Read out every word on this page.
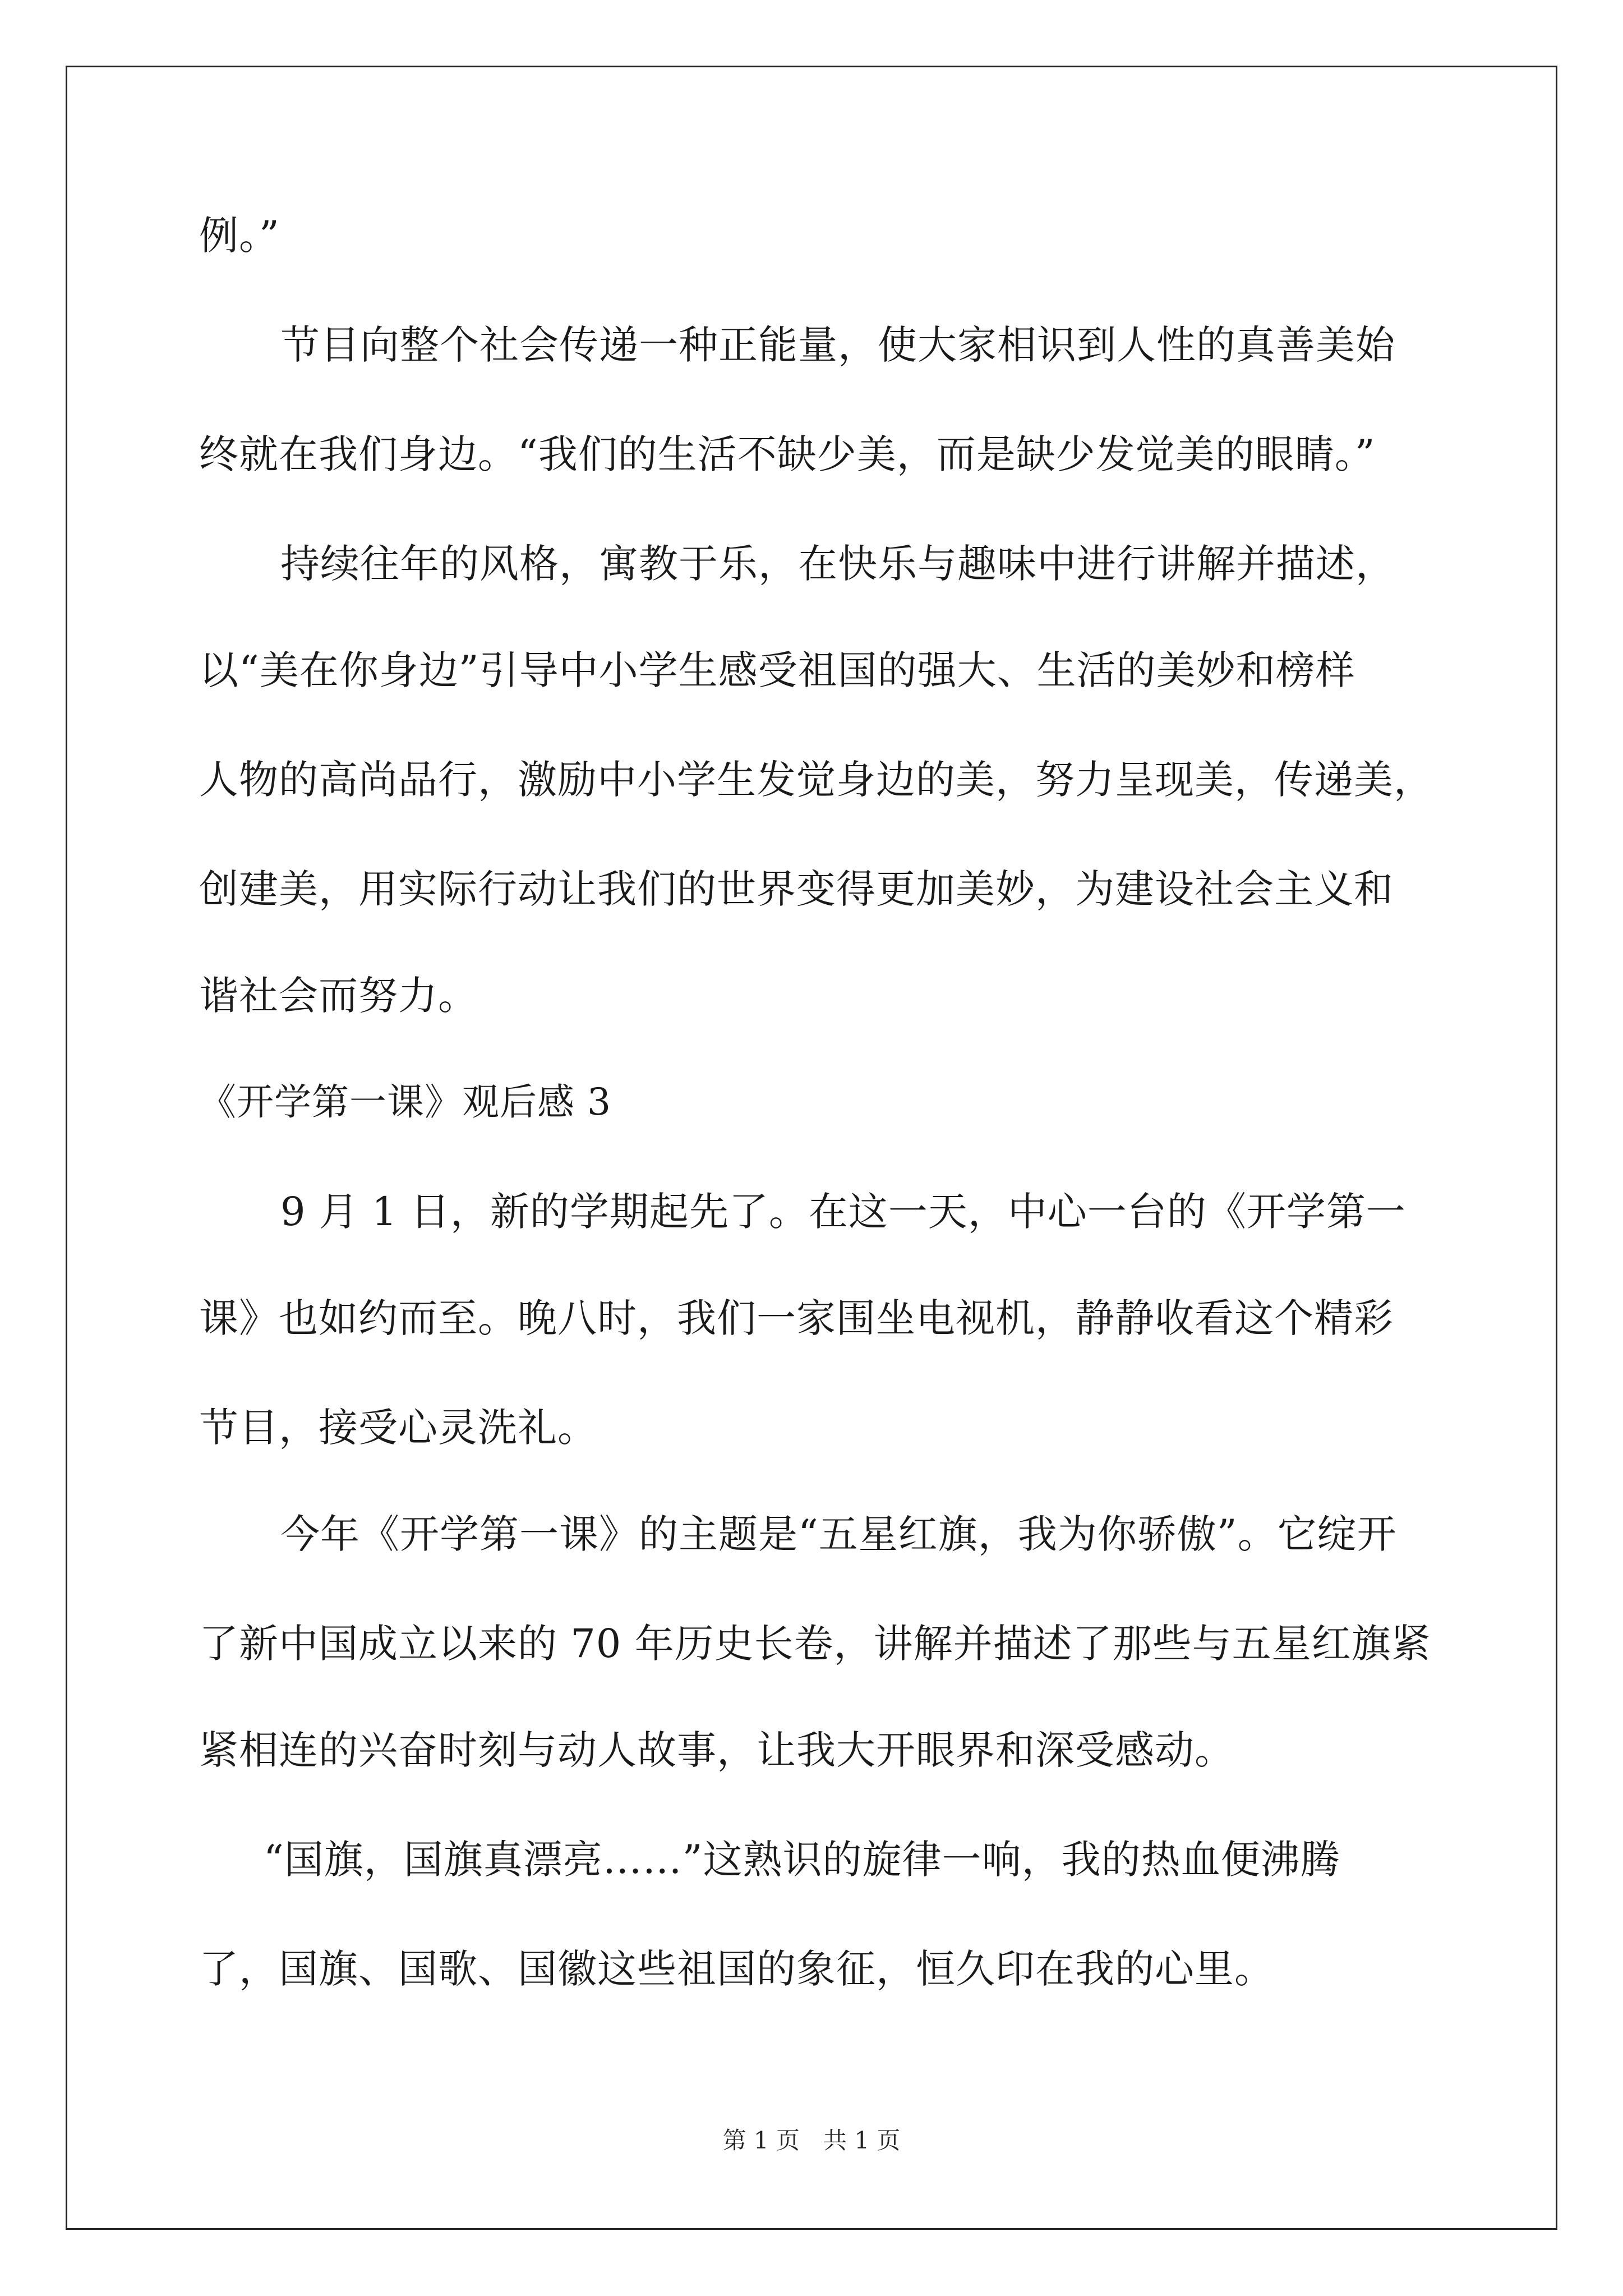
例。”
节目向整个社会传递一种正能量，使大家相识到人性的真善美始
终就在我们身边。“我们的生活不缺少美，而是缺少发觉美的眼睛。”
持续往年的风格，寓教于乐，在快乐与趣味中进行讲解并描述，
以“美在你身边”引导中小学生感受祖国的强大、生活的美妙和榜样
人物的高尚品行，激励中小学生发觉身边的美，努力呈现美，传递美，
创建美，用实际行动让我们的世界变得更加美妙，为建设社会主义和
谐社会而努力。
《开学第一课》观后感 3
9 月 1 日，新的学期起先了。在这一天，中心一台的《开学第一
课》也如约而至。晚八时，我们一家围坐电视机，静静收看这个精彩
节目，接受心灵洗礼。
今年《开学第一课》的主题是“五星红旗，我为你骄傲”。它绽开
了新中国成立以来的 70 年历史长卷，讲解并描述了那些与五星红旗紧
紧相连的兴奋时刻与动人故事，让我大开眼界和深受感动。
“国旗，国旗真漂亮……”这熟识的旋律一响，我的热血便沸腾
了，国旗、国歌、国徽这些祖国的象征，恒久印在我的心里。
第 1 页　共 1 页
